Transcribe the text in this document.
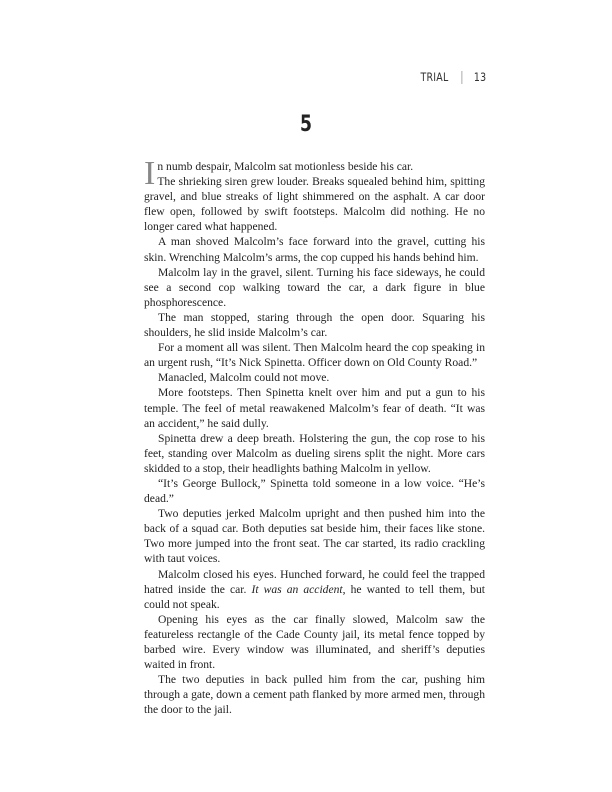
TRIAL 13
5

In numb despair, Malcolm sat motionless beside his car.

The shrieking siren grew louder. Breaks squealed behind him, spitting gravel, and blue streaks of light shimmered on the asphalt. A car door flew open, followed by swift footsteps. Malcolm did nothing. He no longer cared what happened.

A man shoved Malcolm’s face forward into the gravel, cutting his skin. Wrenching Malcolm’s arms, the cop cupped his hands behind him.

Malcolm lay in the gravel, silent. Turning his face sideways, he could see a second cop walking toward the car, a dark figure in blue phosphorescence.

The man stopped, staring through the open door. Squaring his shoulders, he slid inside Malcolm’s car.

For a moment all was silent. Then Malcolm heard the cop speaking in an urgent rush, “It’s Nick Spinetta. Officer down on Old County Road.”

Manacled, Malcolm could not move.

More footsteps. Then Spinetta knelt over him and put a gun to his temple. The feel of metal reawakened Malcolm’s fear of death. “It was an accident,” he said dully.

Spinetta drew a deep breath. Holstering the gun, the cop rose to his feet, standing over Malcolm as dueling sirens split the night. More cars skidded to a stop, their headlights bathing Malcolm in yellow.

“It’s George Bullock,” Spinetta told someone in a low voice. “He’s dead.”

Two deputies jerked Malcolm upright and then pushed him into the back of a squad car. Both deputies sat beside him, their faces like stone. Two more jumped into the front seat. The car started, its radio crackling with taut voices.

Malcolm closed his eyes. Hunched forward, he could feel the trapped hatred inside the car. It was an accident, he wanted to tell them, but could not speak.

Opening his eyes as the car finally slowed, Malcolm saw the featureless rectangle of the Cade County jail, its metal fence topped by barbed wire. Every window was illuminated, and sheriff’s deputies waited in front.

The two deputies in back pulled him from the car, pushing him through a gate, down a cement path flanked by more armed men, through the door to the jail.
